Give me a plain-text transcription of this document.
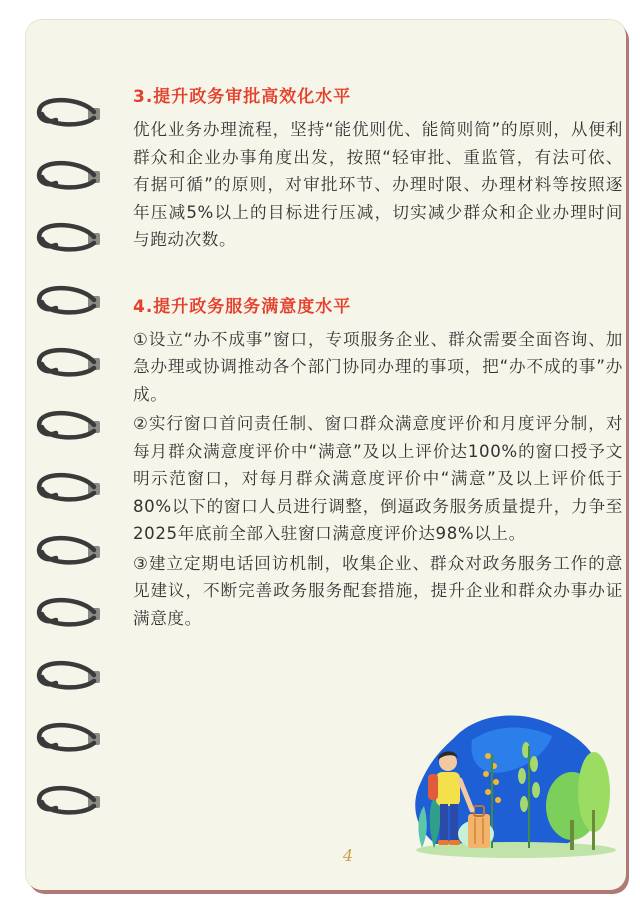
3.提升政务审批高效化水平

优化业务办理流程，坚持“能优则优、能简则简”的原则，从便利群众和企业办事角度出发，按照“轻审批、重监管，有法可依、有据可循”的原则，对审批环节、办理时限、办理材料等按照逐年压减5%以上的目标进行压减，切实减少群众和企业办理时间与跑动次数。

4.提升政务服务满意度水平

①设立“办不成事”窗口，专项服务企业、群众需要全面咨询、加急办理或协调推动各个部门协同办理的事项，把“办不成的事”办成。

②实行窗口首问责任制、窗口群众满意度评价和月度评分制，对每月群众满意度评价中“满意”及以上评价达100%的窗口授予文明示范窗口，对每月群众满意度评价中“满意”及以上评价低于80%以下的窗口人员进行调整，倒逼政务服务质量提升，力争至2025年底前全部入驻窗口满意度评价达98%以上。

③建立定期电话回访机制，收集企业、群众对政务服务工作的意见建议，不断完善政务服务配套措施，提升企业和群众办事办证满意度。

4
